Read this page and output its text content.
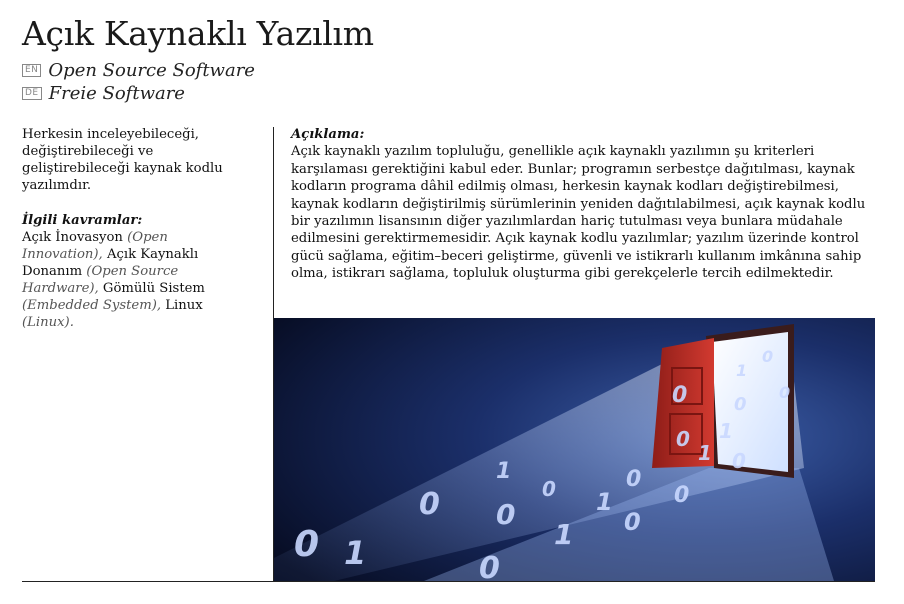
Açık Kaynaklı Yazılım
EN Open Source Software
DE Freie Software

Herkesin inceleyebileceği, değiştirebileceği ve geliştirebileceği kaynak kodlu yazılımdır.

İlgili kavramlar:

Açık İnovasyon (Open Innovation), Açık Kaynaklı Donanım (Open Source Hardware), Gömülü Sistem (Embedded System), Linux (Linux).

Açıklama:

Açık kaynaklı yazılım topluluğu, genellikle açık kaynaklı yazılımın şu kriterleri karşılaması gerektiğini kabul eder. Bunlar; programın serbestçe dağıtılması, kaynak kodların programa dâhil edilmiş olması, herkesin kaynak kodları değiştirebilmesi, kaynak kodların değiştirilmiş sürümlerinin yeniden dağıtılabilmesi, açık kaynak kodlu bir yazılımın lisansının diğer yazılımlardan hariç tutulması veya bunlara müdahale edilmesini gerektirmemesidir. Açık kaynak kodlu yazılımlar; yazılım üzerinde kontrol gücü sağlama, eğitim–beceri geliştirme, güvenli ve istikrarlı kullanım imkânına sahip olma, istikrarı sağlama, topluluk oluşturma gibi gerekçelerle tercih edilmektedir.

0
1
0
0
1
0
0
1
0
0
1
0
0
1
0 0
1
0
0 1
0
